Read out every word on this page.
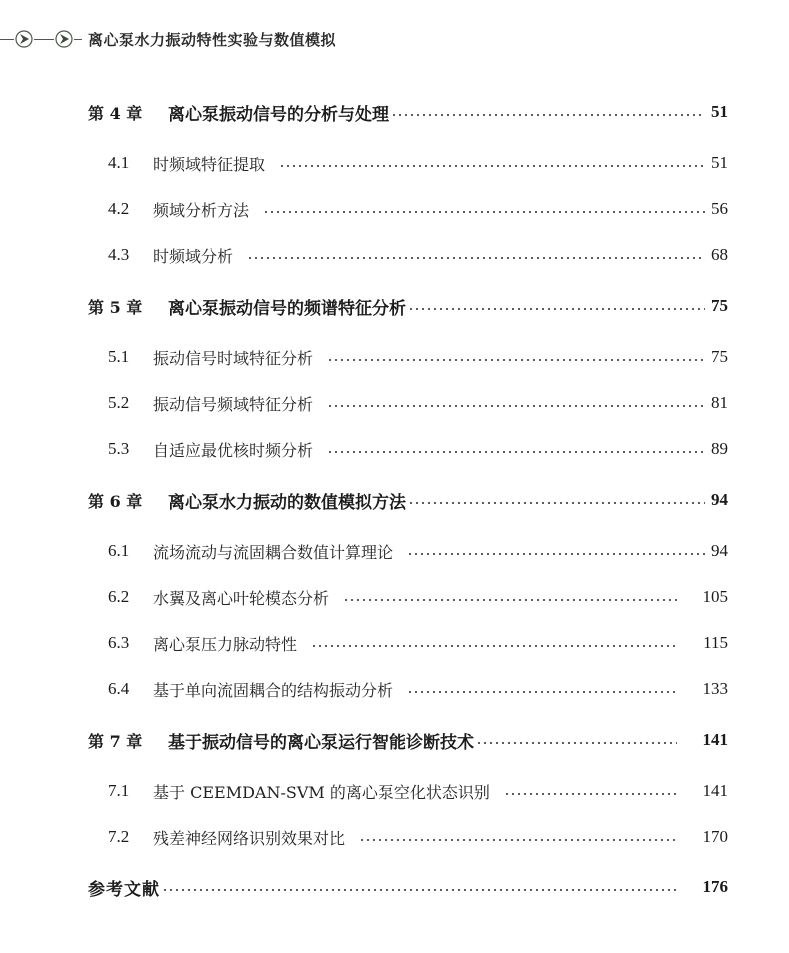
离心泵水力振动特性实验与数值模拟
第 4 章	离心泵振动信号的分析与处理	51
4.1 时频域特征提取	51
4.2 频域分析方法	56
4.3 时频域分析	68
第 5 章	离心泵振动信号的频谱特征分析	75
5.1 振动信号时域特征分析	75
5.2 振动信号频域特征分析	81
5.3 自适应最优核时频分析	89
第 6 章	离心泵水力振动的数值模拟方法	94
6.1 流场流动与流固耦合数值计算理论	94
6.2 水翼及离心叶轮模态分析	105
6.3 离心泵压力脉动特性	115
6.4 基于单向流固耦合的结构振动分析	133
第 7 章	基于振动信号的离心泵运行智能诊断技术	141
7.1 基于 CEEMDAN-SVM 的离心泵空化状态识别	141
7.2 残差神经网络识别效果对比	170
参考文献	176
